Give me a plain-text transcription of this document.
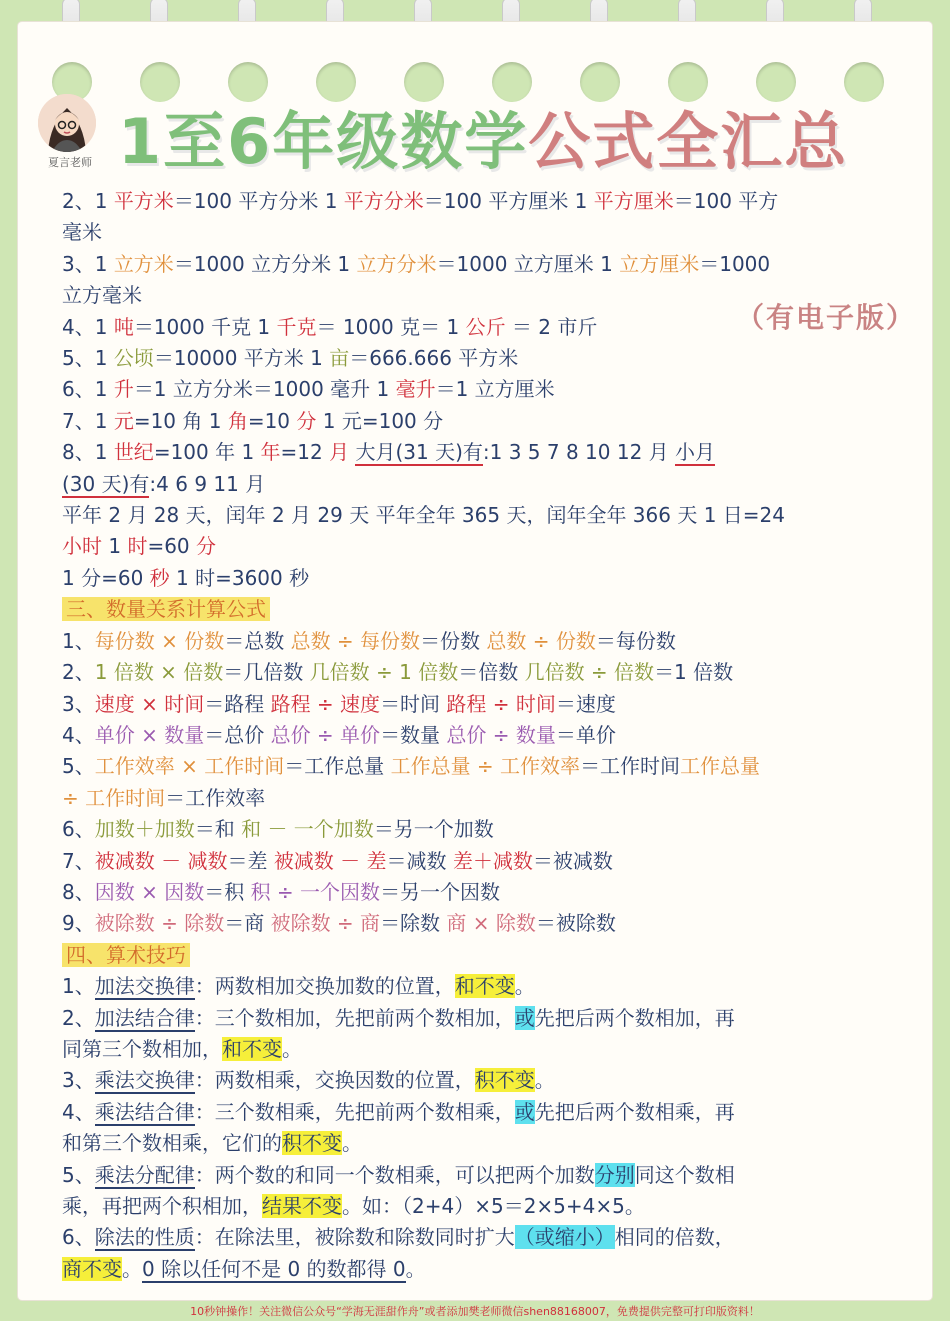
夏言老师 1至6年级数学公式全汇总
（有电子版）
2、1 平方米＝100 平方分米 1 平方分米＝100 平方厘米 1 平方厘米＝100 平方
毫米
3、1 立方米＝1000 立方分米 1 立方分米＝1000 立方厘米 1 立方厘米＝1000
立方毫米
4、1 吨＝1000 千克 1 千克＝ 1000 克＝ 1 公斤 ＝ 2 市斤
5、1 公顷＝10000 平方米 1 亩＝666.666 平方米
6、1 升＝1 立方分米＝1000 毫升 1 毫升＝1 立方厘米
7、1 元=10 角 1 角=10 分 1 元=100 分
8、1 世纪=100 年 1 年=12 月 大月(31 天)有:1 3 5 7 8 10 12 月 小月
(30 天)有:4 6 9 11 月
平年 2 月 28 天，闰年 2 月 29 天 平年全年 365 天，闰年全年 366 天 1 日=24
小时 1 时=60 分
1 分=60 秒 1 时=3600 秒
三、数量关系计算公式
1、每份数 × 份数＝总数 总数 ÷ 每份数＝份数 总数 ÷ 份数＝每份数
2、1 倍数 × 倍数＝几倍数 几倍数 ÷ 1 倍数＝倍数 几倍数 ÷ 倍数＝1 倍数
3、速度 × 时间＝路程 路程 ÷ 速度＝时间 路程 ÷ 时间＝速度
4、单价 × 数量＝总价 总价 ÷ 单价＝数量 总价 ÷ 数量＝单价
5、工作效率 × 工作时间＝工作总量 工作总量 ÷ 工作效率＝工作时间工作总量
÷ 工作时间＝工作效率
6、加数＋加数＝和 和 － 一个加数＝另一个加数
7、被减数 － 减数＝差 被减数 － 差＝减数 差＋减数＝被减数
8、因数 × 因数＝积 积 ÷ 一个因数＝另一个因数
9、被除数 ÷ 除数＝商 被除数 ÷ 商＝除数 商 × 除数＝被除数
四、算术技巧
1、加法交换律：两数相加交换加数的位置，和不变。
2、加法结合律：三个数相加，先把前两个数相加，或先把后两个数相加，再
同第三个数相加，和不变。
3、乘法交换律：两数相乘，交换因数的位置，积不变。
4、乘法结合律：三个数相乘，先把前两个数相乘，或先把后两个数相乘，再
和第三个数相乘，它们的积不变。
5、乘法分配律：两个数的和同一个数相乘，可以把两个加数分别同这个数相
乘，再把两个积相加，结果不变。如：（2+4）×5＝2×5+4×5。
6、除法的性质：在除法里，被除数和除数同时扩大（或缩小）相同的倍数，
商不变。0 除以任何不是 0 的数都得 0。
10秒钟操作！关注微信公众号“学海无涯甜作舟”或者添加樊老师微信shen88168007，免费提供完整可打印版资料！
